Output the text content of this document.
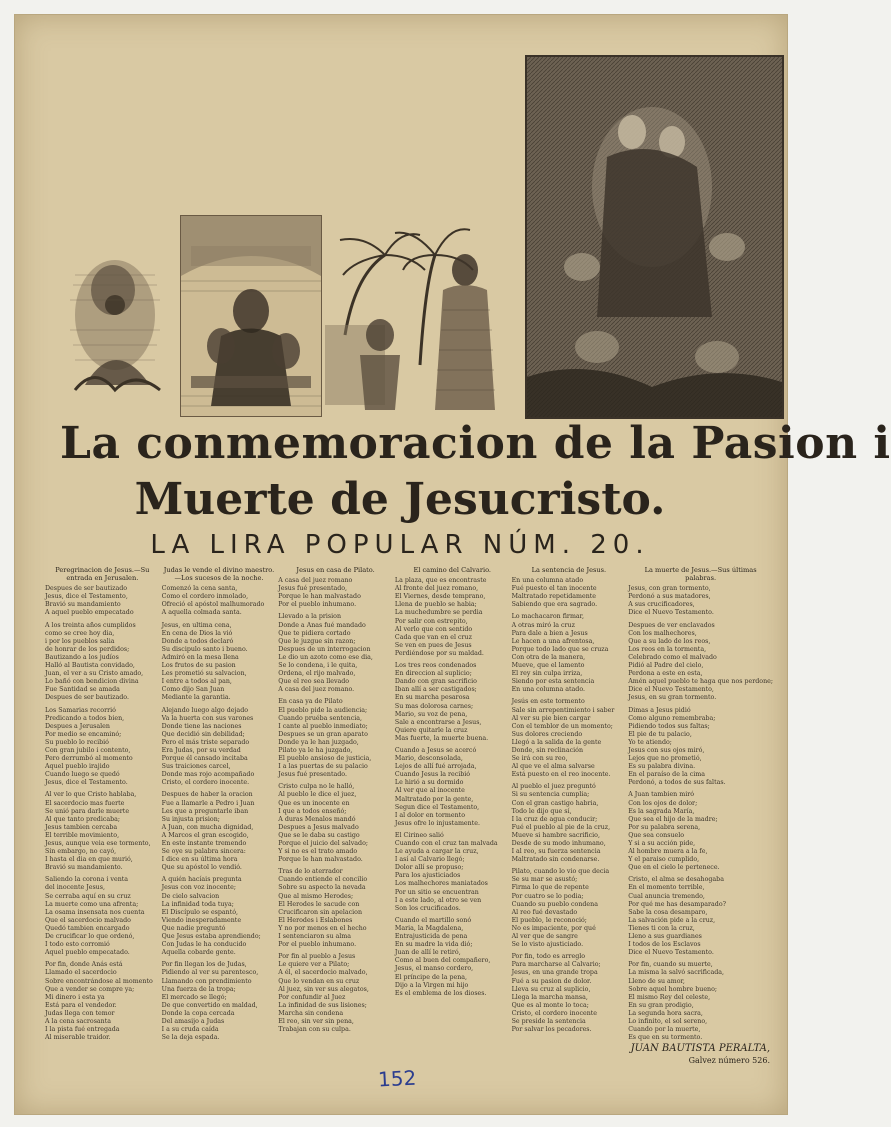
La conmemoracion de la Pasion i
Muerte de Jesucristo.
LA LIRA POPULAR NÚM. 20.
Peregrinacion de Jesus.—Su entrada en Jerusalen.
Despues de ser bautizado
Jesus, dice el Testamento,
Bravió su mandamiento
A aquel pueblo empecatado
A los treinta años cumplidos
como se cree hoy dia,
i por los pueblos salia
de honrar de los perdidos;
Bautizando a los judíos
Halló al Bautista convidado,
Juan, el ver a su Cristo amado,
Lo bañó con bendicion divina
Fue Santidad se amada
Despues de ser bautizado.
Los Samarias recorrió
Predicando a todos bien,
Despues a Jerusalen
Por medio se encaminó;
Su pueblo lo recibió
Con gran jubilo i contento,
Pero derrumbó al momento
Aquel pueblo irajido
Cuando luego se quedó
Jesus, dice el Testamento.
Al ver lo que Cristo hablaba,
El sacerdocio mas fuerte
Se unió para darle muerte
Al que tanto predicaba;
Jesus tambien cercaba
El terrible movimiento,
Jesus, aunque veia ese tormento,
Sin embargo, no cayó,
I hasta el dia en que murió,
Bravió su mandamiento.
Saliendo la corona i venta
del inocente Jesus,
Se cerraba aquí en su cruz
La muerte como una afrenta;
La osama insensata nos cuenta
Que el sacerdocio malvado
Quedó tambien encargado
De crucificar lo que ordenó,
I todo esto corromió
Aquel pueblo empecatado.
Por fin, donde Anás está
Llamado el sacerdocio
Sobre encontrándose al momento
Que a vender se compre ya;
Mi dinero i esta ya
Está para el vendedor.
Judas llega con temor
A la cena sacrosanta
I la pista fué entregada
Al miserable traidor.
Judas le vende el divino maestro.—Los sucesos de la noche.
Comenzó la cena santa,
Como el cordero inmolado,
Ofreció el apóstol malhumorado
A aquella colmada santa.
Jesus, en ultima cena,
En cena de Dios la vió
Donde a todos declaró
Su discipulo santo i bueno.
Admiró en la mesa llena
Los frutos de su pasion
Les prometió su salvacion,
I entre a todos al pan,
Como dijo San Juan
Mediante la garantia.
Alejando luego algo dejado
Va la huerta con sus varones
Donde tiene las naciones
Que decidió sin debilidad;
Pero el más triste separado
Era Judas, por su verdad
Porque él cansado incitaba
Sus traiciones carcel,
Donde mas rojo acompañado
Cristo, el cordero inocente.
Despues de haber la oracion
Fue a llamarle a Pedro i Juan
Les que a preguntarle iban
Su injusta prision;
A Juan, con mucha dignidad,
A Marcos el gran escogido,
En este instante tremendo
Se oye su palabra sincera:
I dice en su última hora
Que su apóstol lo vendió.
A quién hacíais pregunta
Jesus con voz inocente;
De cielo salvacion
La infinidad toda tuya;
El Discípulo se espantó,
Viendo inesperadamente
Que nadie preguntó
Que Jesus estaba aprendiendo;
Con Judas le ha conducido
Aquella cobarde gente.
Por fin llegan los de Judas,
Pidiendo al ver su parentesco,
Llamando con prendimiento
Una fuerza de la tropa;
El mercado se llegó;
De que convertido en maldad,
Donde la copa cercada
Del amasijo a Judas
I a su cruda caída
Se la deja espada.
Jesus en casa de Pilato.
A casa del juez romano
Jesus fué presentado,
Porque le han malvastado
Por el pueblo inhumano.
Llevado a la prision
Donde a Anas fué mandado
Que te pidiera cortado
Que le juzgue sin razon;
Despues de un interrogacion
Le dio un azoto como ese dia,
Se lo condena, i le quita,
Ordena, el rijo malvado,
Que el reo sea llevado
A casa del juez romano.
En casa ya de Pilato
El pueblo pide la audiencia;
Cuando pruéba sentencia,
I cante al pueblo inmediato;
Despues se un gran aparato
Donde ya le han juzgado,
Pilato ya le ha juzgado,
El pueblo ansioso de justicia,
I a las puertas de su palacio
Jesus fué presentado.
Cristo culpa no le halló,
Al pueblo le dice el juez,
Que es un inocente en
I que a todos enseñó;
A duras Menalos mandó
Despues a Jesus malvado
Que se le daba su castigo
Porque el juicio del salvado;
Y si no es el trato amado
Porque le han malvastado.
Tras de lo aterrador
Cuando entiende el concilio
Sobre su aspecto la nevada
Que al mismo Herodes;
El Herodes le sacude con
Crucificaron sin apelacion
El Herodes i Eslabones
Y no por menos en el hecho
I sentenciaron su alma
Por el pueblo inhumano.
Por fin al pueblo a Jesus
Le quiere ver a Pilato;
A él, el sacerdocio malvado,
Que lo vendan en su cruz
Al juez, sin ver sus alegatos,
Por confundir al Juez
La infinidad de sus lisiones;
Marcha sin condena
El reo, sin ver sin pena,
Trabajan con su culpa.
El camino del Calvario.
La plaza, que es encontraste
Al fronte del juez romano,
El Viernes, desde temprano,
Llena de pueblo se habia;
La muchedumbre se perdia
Por salir con estrepito,
Al verlo que con sentido
Cada que van en el cruz
Se ven en pues de Jesus
Perdiéndose por su maldad.
Los tres reos condenados
En direccion al suplicio;
Dando con gran sacrificio
Iban allí a ser castigados;
En su marcha pesarosa
Su mas dolorosa carnes;
Mario, su voz de pena,
Sale a encontrarse a Jesus,
Quiere quitarle la cruz
Mas fuerte, la muerte buena.
Cuando a Jesus se acercó
Mario, desconsolada,
Lejos de allí fué arrojada,
Cuando Jesus la recibió
Le hirió a su dormido
Al ver que al inocente
Maltratado por la gente,
Segun dice el Testamento,
I al dolor en tormento
Jesus ofre lo injustamente.
El Cirineo salió
Cuando con el cruz tan malvada
Le ayuda a cargar la cruz,
I así al Calvario llegó;
Dolor allí se propuso;
Para los ajusticiados
Los malhechores maniatados
Por un sitio se encuentran
I a este lado, al otro se ven
Son los crucificados.
Cuando el martillo sonó
Maria, la Magdalena,
Entrajusticida de pena
En su madre la vida dió;
Juan de allí le retiró,
Como al buen del compañero,
Jesus, el manso cordero,
El príncipe de la pena,
Dijo a la Virgen mi hijo
Es el emblema de los dioses.
La sentencia de Jesus.
En una columna atado
Fué puesto el tan inocente
Maltratado repetidamente
Sabiendo que era sagrado.
Lo machacaron firmar,
A otras miró la cruz
Para dale a bien a Jesus
Le hacen a una afrentosa,
Porque todo lado que se cruza
Con otra de la manera,
Mueve, que el lamento
El rey sin culpa irriza,
Siendo por esta sentencia
En una columna atado.
Jesús en este tormento
Sale sin arrepentimiento i saber
Al ver su pie bien cargar
Con el temblor de un momento;
Sus dolores creciendo
Llegó a la salida de la gente
Donde, sin reclinación
Se irá con su reo,
Al que ve el alma salvarse
Está puesto en el reo inocente.
Al pueblo el juez preguntó
Si su sentencia cumplia;
Con el gran castigo habria,
Todo le dijo que sí,
I la cruz de agua conducir;
Fué el pueblo al pie de la cruz,
Mueve si hambre sacrificio,
Desde de su modo inhumano,
I al reo, su fuerza sentencia
Maltratado sin condenarse.
Pilato, cuando lo vio que decia
Se su mar se asustó;
Firma lo que de repente
Por cuatro se lo podia;
Cuando su pueblo condena
Al reo fué devastado
El pueblo, le reconoció;
No es impaciente, por qué
Al ver que de sangre
Se lo visto ajusticiado.
Por fin, todo es arreglo
Para marcharse al Calvario;
Jesus, en una grande tropa
Fué a su pasion de dolor.
Lleva su cruz al suplicio,
Llega la marcha mansa,
Que es al monte lo toca;
Cristo, el cordero inocente
Se preside la sentencia
Por salvar los pecadores.
La muerte de Jesus.—Sus últimas palabras.
Jesus, con gran tormento,
Perdonó a sus matadores,
A sus crucificadores,
Dice el Nuevo Testamento.
Despues de ver enclavados
Con los malhechores,
Que a su lado de los reos,
Los reos en la tormenta,
Celebrado como el malvado
Pidió al Padre del cielo,
Perdona a este en esta,
Amén aquel pueblo te haga que nos perdone;
Dice el Nuevo Testamento,
Jesus, en su gran tormento.
Dimas a Jesus pidió
Como alguno remembraba;
Pidiendo todos sus faltas;
El pie de tu palacio,
Yo te atiendo;
Jesus con sus ojos miró,
Lejos que no prometió,
Es su palabra divina.
En el paraíso de la cima
Perdonó, a todos de sus faltas.
A Juan tambien miró
Con los ojos de dolor;
Es la sagrada María,
Que sea el hijo de la madre;
Por su palabra serena,
Que sea consuelo
Y si a su acción pide,
Al hombre muera a la fe,
Y el paraiso cumplido,
Que en el cielo le pertenece.
Cristo, el alma se desahogaba
En el momento terrible,
Cual anuncia tremendo,
Por qué me has desamparado?
Sabe la cosa desamparo,
La salvación pide a la cruz,
Tienes ti con la cruz,
Lleno a sus guardianes
I todos de los Esclavos
Dice el Nuevo Testamento.
Por fin, cuando su muerte,
La misma la salvó sacrificada,
Lleno de su amor,
Sobre aquel hombre bueno;
El mismo Rey del celeste,
En su gran prodigio,
La segunda hora sacra,
Lo infinito, el sol sereno,
Cuando por la muerte,
Es que en su tormento.
JUAN BAUTISTA PERALTA,
Galvez número 526.
152
